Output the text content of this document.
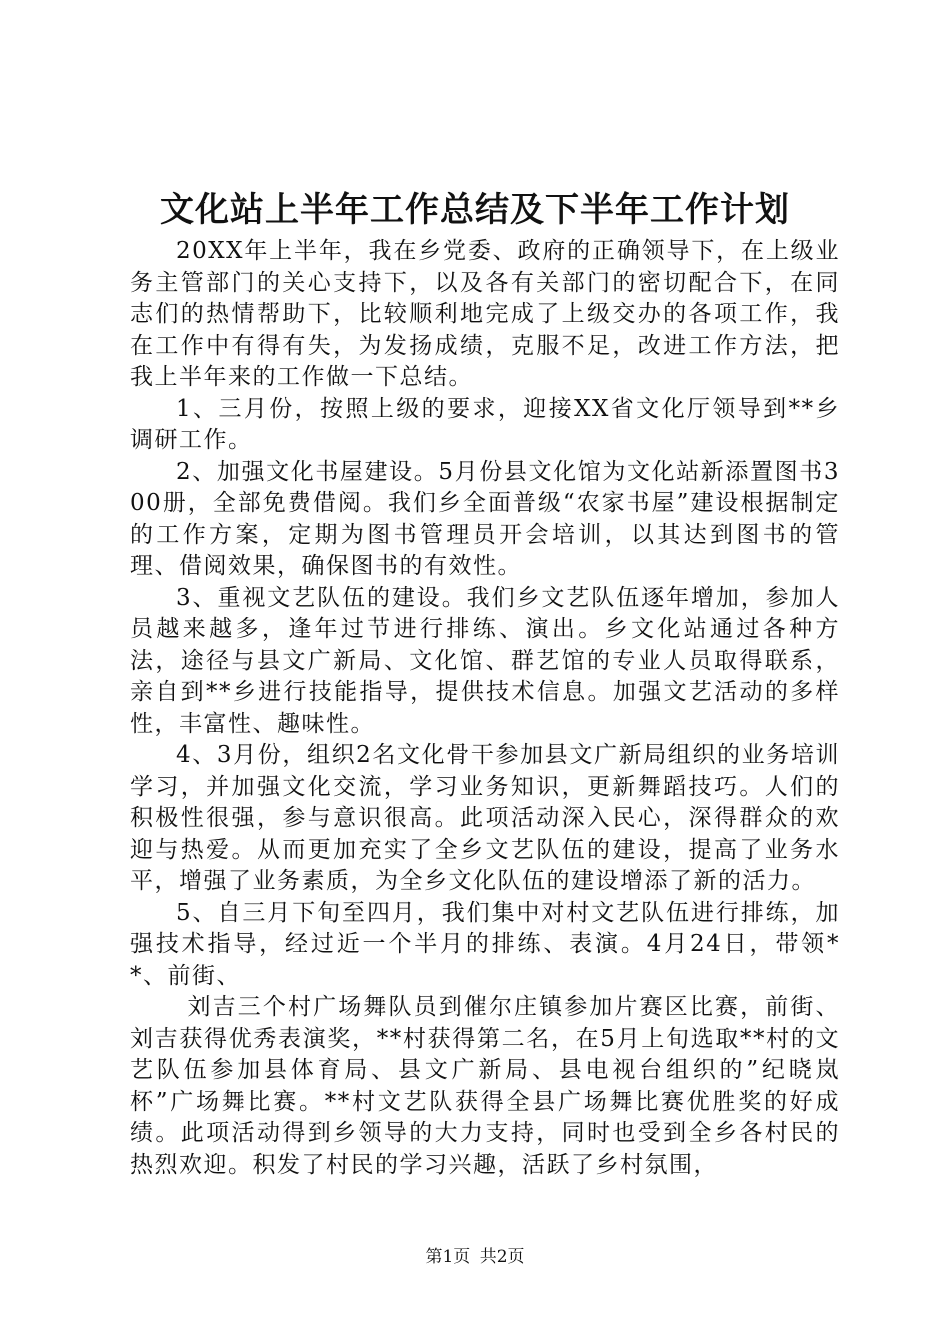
文化站上半年工作总结及下半年工作计划

20XX年上半年，我在乡党委、政府的正确领导下，在上级业务主管部门的关心支持下，以及各有关部门的密切配合下，在同志们的热情帮助下，比较顺利地完成了上级交办的各项工作，我在工作中有得有失，为发扬成绩，克服不足，改进工作方法，把我上半年来的工作做一下总结。

1、三月份，按照上级的要求，迎接XX省文化厅领导到**乡调研工作。

2、加强文化书屋建设。5月份县文化馆为文化站新添置图书300册，全部免费借阅。我们乡全面普级“农家书屋”建设根据制定的工作方案，定期为图书管理员开会培训，以其达到图书的管理、借阅效果，确保图书的有效性。

3、重视文艺队伍的建设。我们乡文艺队伍逐年增加，参加人员越来越多，逢年过节进行排练、演出。乡文化站通过各种方法，途径与县文广新局、文化馆、群艺馆的专业人员取得联系，亲自到**乡进行技能指导，提供技术信息。加强文艺活动的多样性，丰富性、趣味性。

4、3月份，组织2名文化骨干参加县文广新局组织的业务培训学习，并加强文化交流，学习业务知识，更新舞蹈技巧。人们的积极性很强，参与意识很高。此项活动深入民心，深得群众的欢迎与热爱。从而更加充实了全乡文艺队伍的建设，提高了业务水平，增强了业务素质，为全乡文化队伍的建设增添了新的活力。

5、自三月下旬至四月，我们集中对村文艺队伍进行排练，加强技术指导，经过近一个半月的排练、表演。4月24日，带领**、前街、

刘吉三个村广场舞队员到催尔庄镇参加片赛区比赛，前街、刘吉获得优秀表演奖，**村获得第二名，在5月上旬选取**村的文艺队伍参加县体育局、县文广新局、县电视台组织的”纪晓岚杯”广场舞比赛。**村文艺队获得全县广场舞比赛优胜奖的好成绩。此项活动得到乡领导的大力支持，同时也受到全乡各村民的热烈欢迎。积发了村民的学习兴趣，活跃了乡村氛围，

第1页 共2页
